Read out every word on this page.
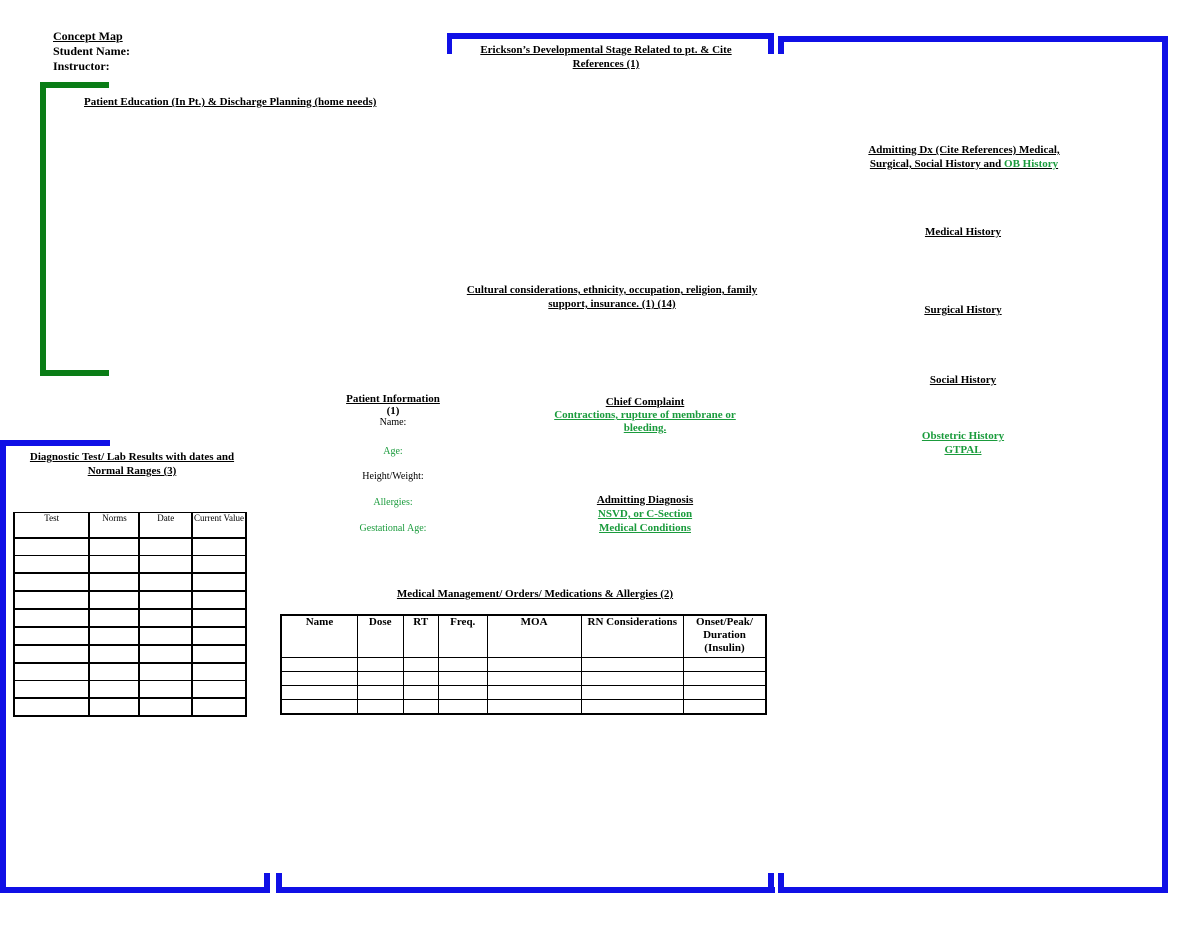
Concept Map
Student Name:
Instructor:
Erickson’s Developmental Stage Related to pt. & Cite References (1)
Patient Education (In Pt.) & Discharge Planning (home needs)
Admitting Dx (Cite References) Medical, Surgical, Social History and OB History
Medical History
Surgical History
Social History
Obstetric History
GTPAL
Cultural considerations, ethnicity, occupation, religion, family support, insurance. (1) (14)
Patient Information
(1)
Name:
Age:
Height/Weight:
Allergies:
Gestational Age:
Chief Complaint
Contractions, rupture of membrane or bleeding.
Admitting Diagnosis
NSVD, or C-Section
Medical Conditions
Diagnostic Test/ Lab Results with dates and Normal Ranges (3)
Test	Norms	Date	Current Value

Medical Management/ Orders/ Medications & Allergies (2)
Name	Dose	RT	Freq.	MOA	RN Considerations	Onset/Peak/ Duration (Insulin)
